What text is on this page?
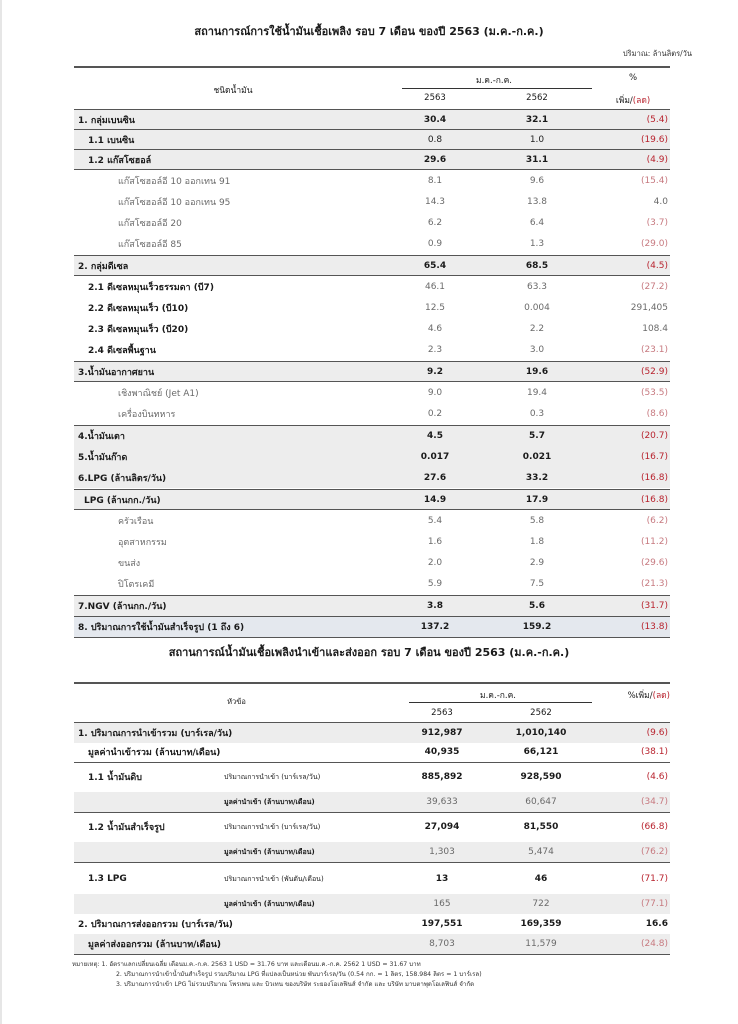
สถานการณ์การใช้น้ำมันเชื้อเพลิง รอบ 7 เดือน ของปี 2563 (ม.ค.-ก.ค.)
ปริมาณ: ล้านลิตร/วัน
ชนิดน้ำมัน
ม.ค.-ก.ค.
2563	2562
%
เพิ่ม/(ลด)
1. กลุ่มเบนซิน	30.4	32.1	(5.4)
1.1 เบนซิน	0.8	1.0	(19.6)
1.2 แก๊สโซฮอล์	29.6	31.1	(4.9)
แก๊สโซฮอล์อี 10 ออกเทน 91	8.1	9.6	(15.4)
แก๊สโซฮอล์อี 10 ออกเทน 95	14.3	13.8	4.0
แก๊สโซฮอล์อี 20	6.2	6.4	(3.7)
แก๊สโซฮอล์อี 85	0.9	1.3	(29.0)
2. กลุ่มดีเซล	65.4	68.5	(4.5)
2.1 ดีเซลหมุนเร็วธรรมดา (บี7)	46.1	63.3	(27.2)
2.2 ดีเซลหมุนเร็ว (บี10)	12.5	0.004	291,405
2.3 ดีเซลหมุนเร็ว (บี20)	4.6	2.2	108.4
2.4 ดีเซลพื้นฐาน	2.3	3.0	(23.1)
3.น้ำมันอากาศยาน	9.2	19.6	(52.9)
เชิงพาณิชย์ (Jet A1)	9.0	19.4	(53.5)
เครื่องบินทหาร	0.2	0.3	(8.6)
4.น้ำมันเตา	4.5	5.7	(20.7)
5.น้ำมันก๊าด	0.017	0.021	(16.7)
6.LPG (ล้านลิตร/วัน)	27.6	33.2	(16.8)
LPG (ล้านกก./วัน)	14.9	17.9	(16.8)
ครัวเรือน	5.4	5.8	(6.2)
อุตสาหกรรม	1.6	1.8	(11.2)
ขนส่ง	2.0	2.9	(29.6)
ปิโตรเคมี	5.9	7.5	(21.3)
7.NGV (ล้านกก./วัน)	3.8	5.6	(31.7)
8. ปริมาณการใช้น้ำมันสำเร็จรูป (1 ถึง 6)	137.2	159.2	(13.8)
สถานการณ์น้ำมันเชื้อเพลิงนำเข้าและส่งออก รอบ 7 เดือน ของปี 2563 (ม.ค.-ก.ค.)
หัวข้อ
ม.ค.-ก.ค.
2563	2562
%เพิ่ม/(ลด)
1. ปริมาณการนำเข้ารวม (บาร์เรล/วัน)	912,987	1,010,140	(9.6)
มูลค่านำเข้ารวม (ล้านบาท/เดือน)	40,935	66,121	(38.1)
1.1 น้ำมันดิบ	ปริมาณการนำเข้า (บาร์เรล/วัน)	885,892	928,590	(4.6)
มูลค่านำเข้า (ล้านบาท/เดือน)	39,633	60,647	(34.7)
1.2 น้ำมันสำเร็จรูป	ปริมาณการนำเข้า (บาร์เรล/วัน)	27,094	81,550	(66.8)
มูลค่านำเข้า (ล้านบาท/เดือน)	1,303	5,474	(76.2)
1.3 LPG	ปริมาณการนำเข้า (พันตัน/เดือน)	13	46	(71.7)
มูลค่านำเข้า (ล้านบาท/เดือน)	165	722	(77.1)
2. ปริมาณการส่งออกรวม (บาร์เรล/วัน)	197,551	169,359	16.6
มูลค่าส่งออกรวม (ล้านบาท/เดือน)	8,703	11,579	(24.8)
หมายเหตุ: 1. อัตราแลกเปลี่ยนเฉลี่ย เดือนม.ค.-ก.ค. 2563 1 USD = 31.76 บาท และเดือนม.ค.-ก.ค. 2562 1 USD = 31.67 บาท
2. ปริมาณการนำเข้าน้ำมันสำเร็จรูป รวมปริมาณ LPG ที่แปลงเป็นหน่วย พันบาร์เรล/วัน (0.54 กก. = 1 ลิตร, 158.984 ลิตร = 1 บาร์เรล)
3. ปริมาณการนำเข้า LPG ไม่รวมปริมาณ โพรเพน และ บิวเทน ของบริษัท ระยองโอเลฟินส์ จำกัด และ บริษัท มาบตาพุดโอเลฟินส์ จำกัด
